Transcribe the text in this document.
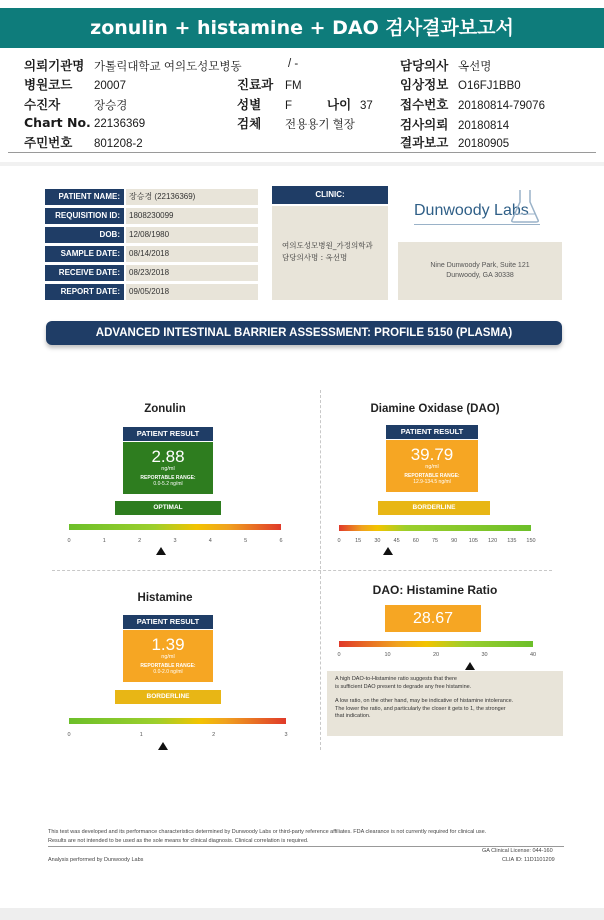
zonulin + histamine + DAO 검사결과보고서
의뢰기관명 가톨릭대학교 여의도성모병동
병원코드 20007
수진자	장승경
Chart No. 22136369
주민번호 801208-2
/ -
진료과 FM
성별 F	나이 37
검체 전용용기 혈장
담당의사 옥선명
임상정보 O16FJ1BB0
접수번호 20180814-79076
검사의뢰 20180814
결과보고 20180905
PATIENT NAME:	장승경 (22136369)
REQUISITION ID:	1808230099
DOB:	12/08/1980
SAMPLE DATE:	08/14/2018
RECEIVE DATE:	08/23/2018
REPORT DATE:	09/05/2018
CLINIC:
여의도성모병원_가정의학과
담당의사명 : 옥선명
Dunwoody Labs
Nine Dunwoody Park, Suite 121
Dunwoody, GA 30338
ADVANCED INTESTINAL BARRIER ASSESSMENT: PROFILE 5150 (PLASMA)
Zonulin
PATIENT RESULT
2.88
ng/ml
REPORTABLE RANGE:
0.0-5.2 ng/ml
OPTIMAL
0	1	2	3	4	5	6
Diamine Oxidase (DAO)
PATIENT RESULT
39.79
ng/ml
REPORTABLE RANGE:
12.9-134.5 ng/ml
BORDERLINE
0	15 30 45 60 75 90 105 120 135 150
Histamine
PATIENT RESULT
1.39
ng/ml
REPORTABLE RANGE:
0.0-2.0 ng/ml
BORDERLINE
0	1	2	3
DAO: Histamine Ratio
28.67
0	10	20	30	40
A high DAO-to-Histamine ratio suggests that there
is sufficient DAO present to degrade any free histamine.
A low ratio, on the other hand, may be indicative of histamine intolerance.
The lower the ratio, and particularly the closer it gets to 1, the stronger
that indication.
This test was developed and its performance characteristics determined by Dunwoody Labs or third-party reference affiliates. FDA clearance is not currently required for clinical use.
Results are not intended to be used as the sole means for clinical diagnosis. Clinical correlation is required.
GA Clinical License: 044-160
Analysis performed by Dunwoody Labs	CLIA ID: 11D1101209
